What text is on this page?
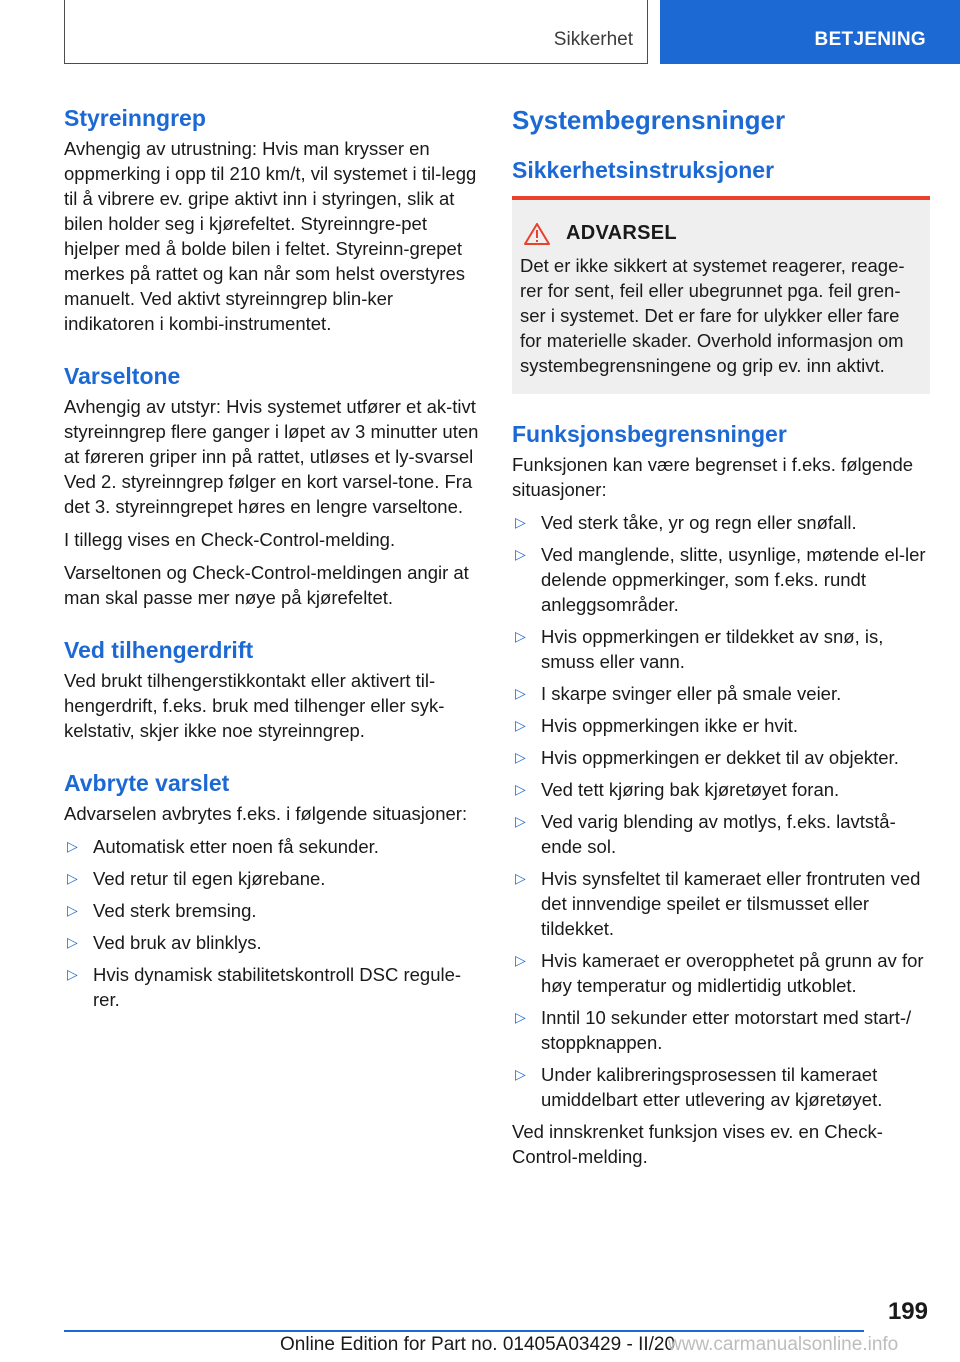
Sikkerhet	BETJENING
Styreinngrep

Avhengig av utrustning: Hvis man krysser en oppmerking i opp til 210 km/t, vil systemet i til-legg til å vibrere ev. gripe aktivt inn i styringen, slik at bilen holder seg i kjørefeltet. Styreinngre-pet hjelper med å bolde bilen i feltet. Styreinn-grepet merkes på rattet og kan når som helst overstyres manuelt. Ved aktivt styreinngrep blin-ker indikatoren i kombi-instrumentet.

Varseltone

Avhengig av utstyr: Hvis systemet utfører et ak-tivt styreinngrep flere ganger i løpet av 3 minutter uten at føreren griper inn på rattet, utløses et ly-svarsel Ved 2. styreinngrep følger en kort varsel-tone. Fra det 3. styreinngrepet høres en lengre varseltone.

I tillegg vises en Check-Control-melding.

Varseltonen og Check-Control-meldingen angir at man skal passe mer nøye på kjørefeltet.

Ved tilhengerdrift

Ved brukt tilhengerstikkontakt eller aktivert til-hengerdrift, f.eks. bruk med tilhenger eller syk-kelstativ, skjer ikke noe styreinngrep.

Avbryte varslet

Advarselen avbrytes f.eks. i følgende situasjoner:

▷ Automatisk etter noen få sekunder.
▷ Ved retur til egen kjørebane.
▷ Ved sterk bremsing.
▷ Ved bruk av blinklys.
▷ Hvis dynamisk stabilitetskontroll DSC regule-rer.
Systembegrensninger
Sikkerhetsinstruksjoner
ADVARSEL

Det er ikke sikkert at systemet reagerer, reage-rer for sent, feil eller ubegrunnet pga. feil gren-ser i systemet. Det er fare for ulykker eller fare for materielle skader. Overhold informasjon om systembegrensningene og grip ev. inn aktivt.

Funksjonsbegrensninger

Funksjonen kan være begrenset i f.eks. følgende situasjoner:

▷ Ved sterk tåke, yr og regn eller snøfall.
▷ Ved manglende, slitte, usynlige, møtende el-ler delende oppmerkinger, som f.eks. rundt anleggsområder.
▷ Hvis oppmerkingen er tildekket av snø, is, smuss eller vann.
▷ I skarpe svinger eller på smale veier.
▷ Hvis oppmerkingen ikke er hvit.
▷ Hvis oppmerkingen er dekket til av objekter.
▷ Ved tett kjøring bak kjøretøyet foran.
▷ Ved varig blending av motlys, f.eks. lavtstå-ende sol.
▷ Hvis synsfeltet til kameraet eller frontruten ved det innvendige speilet er tilsmusset eller tildekket.
▷ Hvis kameraet er overopphetet på grunn av for høy temperatur og midlertidig utkoblet.
▷ Inntil 10 sekunder etter motorstart med start-/ stoppknappen.
▷ Under kalibreringsprosessen til kameraet umiddelbart etter utlevering av kjøretøyet.

Ved innskrenket funksjon vises ev. en Check-Control-melding.

199
Online Edition for Part no. 01405A03429 - II/20
www.carmanualsonline.info
